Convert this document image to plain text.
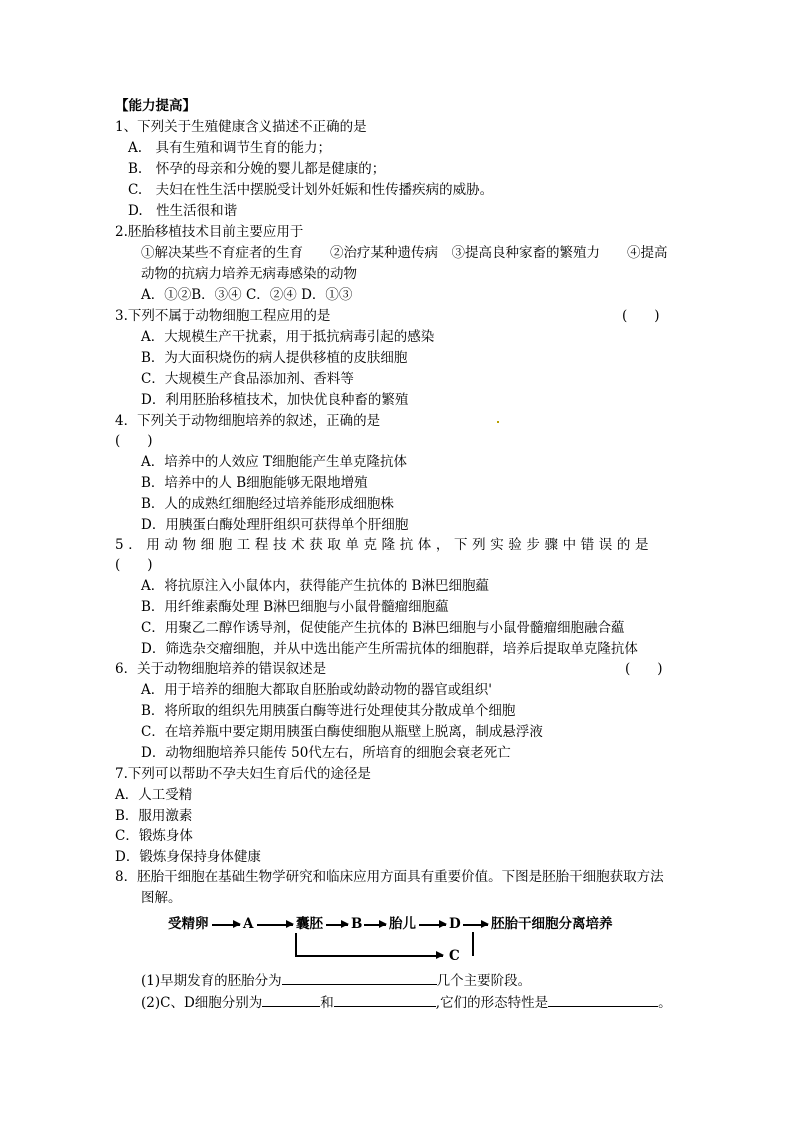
【能力提高】
1、下列关于生殖健康含义描述不正确的是
A.　具有生殖和调节生育的能力；
B.　怀孕的母亲和分娩的婴儿都是健康的；
C.　夫妇在性生活中摆脱受计划外妊娠和性传播疾病的威胁。
D.　性生活很和谐
2.胚胎移植技术目前主要应用于
①解决某些不育症者的生育　　②治疗某种遗传病　③提高良种家畜的繁殖力　　④提高
动物的抗病力培养无病毒感染的动物
A．①②B．③④ C．②④ D．①③
3.下列不属于动物细胞工程应用的是	(　　)
A．大规模生产干扰素，用于抵抗病毒引起的感染
B．为大面积烧伤的病人提供移植的皮肤细胞
C．大规模生产食品添加剂、香料等
D．利用胚胎移植技术，加快优良种畜的繁殖
4．下列关于动物细胞培养的叙述，正确的是
(　　)
A．培养中的人效应 T细胞能产生单克隆抗体
B．培养中的人 B细胞能够无限地增殖
B．人的成熟红细胞经过培养能形成细胞株
D．用胰蛋白酶处理肝组织可获得单个肝细胞
5．用动物细胞工程技术获取单克隆抗体，下列实验步骤中错误的是
(　　)
A．将抗原注入小鼠体内，获得能产生抗体的 B淋巴细胞藴
B．用纤维素酶处理 B淋巴细胞与小鼠骨髓瘤细胞藴
C．用聚乙二醇作诱导剂，促使能产生抗体的 B淋巴细胞与小鼠骨髓瘤细胞融合藴
D．筛选杂交瘤细胞，并从中选出能产生所需抗体的细胞群，培养后提取单克隆抗体
6．关于动物细胞培养的错误叙述是	(　　)
A．用于培养的细胞大都取自胚胎或幼龄动物的器官或组织'
B．将所取的组织先用胰蛋白酶等进行处理使其分散成单个细胞
C．在培养瓶中要定期用胰蛋白酶使细胞从瓶壁上脱离，制成悬浮液
D．动物细胞培养只能传 50代左右，所培育的细胞会衰老死亡
7.下列可以帮助不孕夫妇生育后代的途径是
A．人工受精
B．服用激素
C．锻炼身体
D．锻炼身保持身体健康
8．胚胎干细胞在基础生物学研究和临床应用方面具有重要价值。下图是胚胎干细胞获取方法
图解。
受精卵	A	囊胚 B 胎儿 D 胚胎干细胞分离培养
C
(1)早期发育的胚胎分为	几个主要阶段。
(2)C、D细胞分别为	和	,它们的形态特性是	。
